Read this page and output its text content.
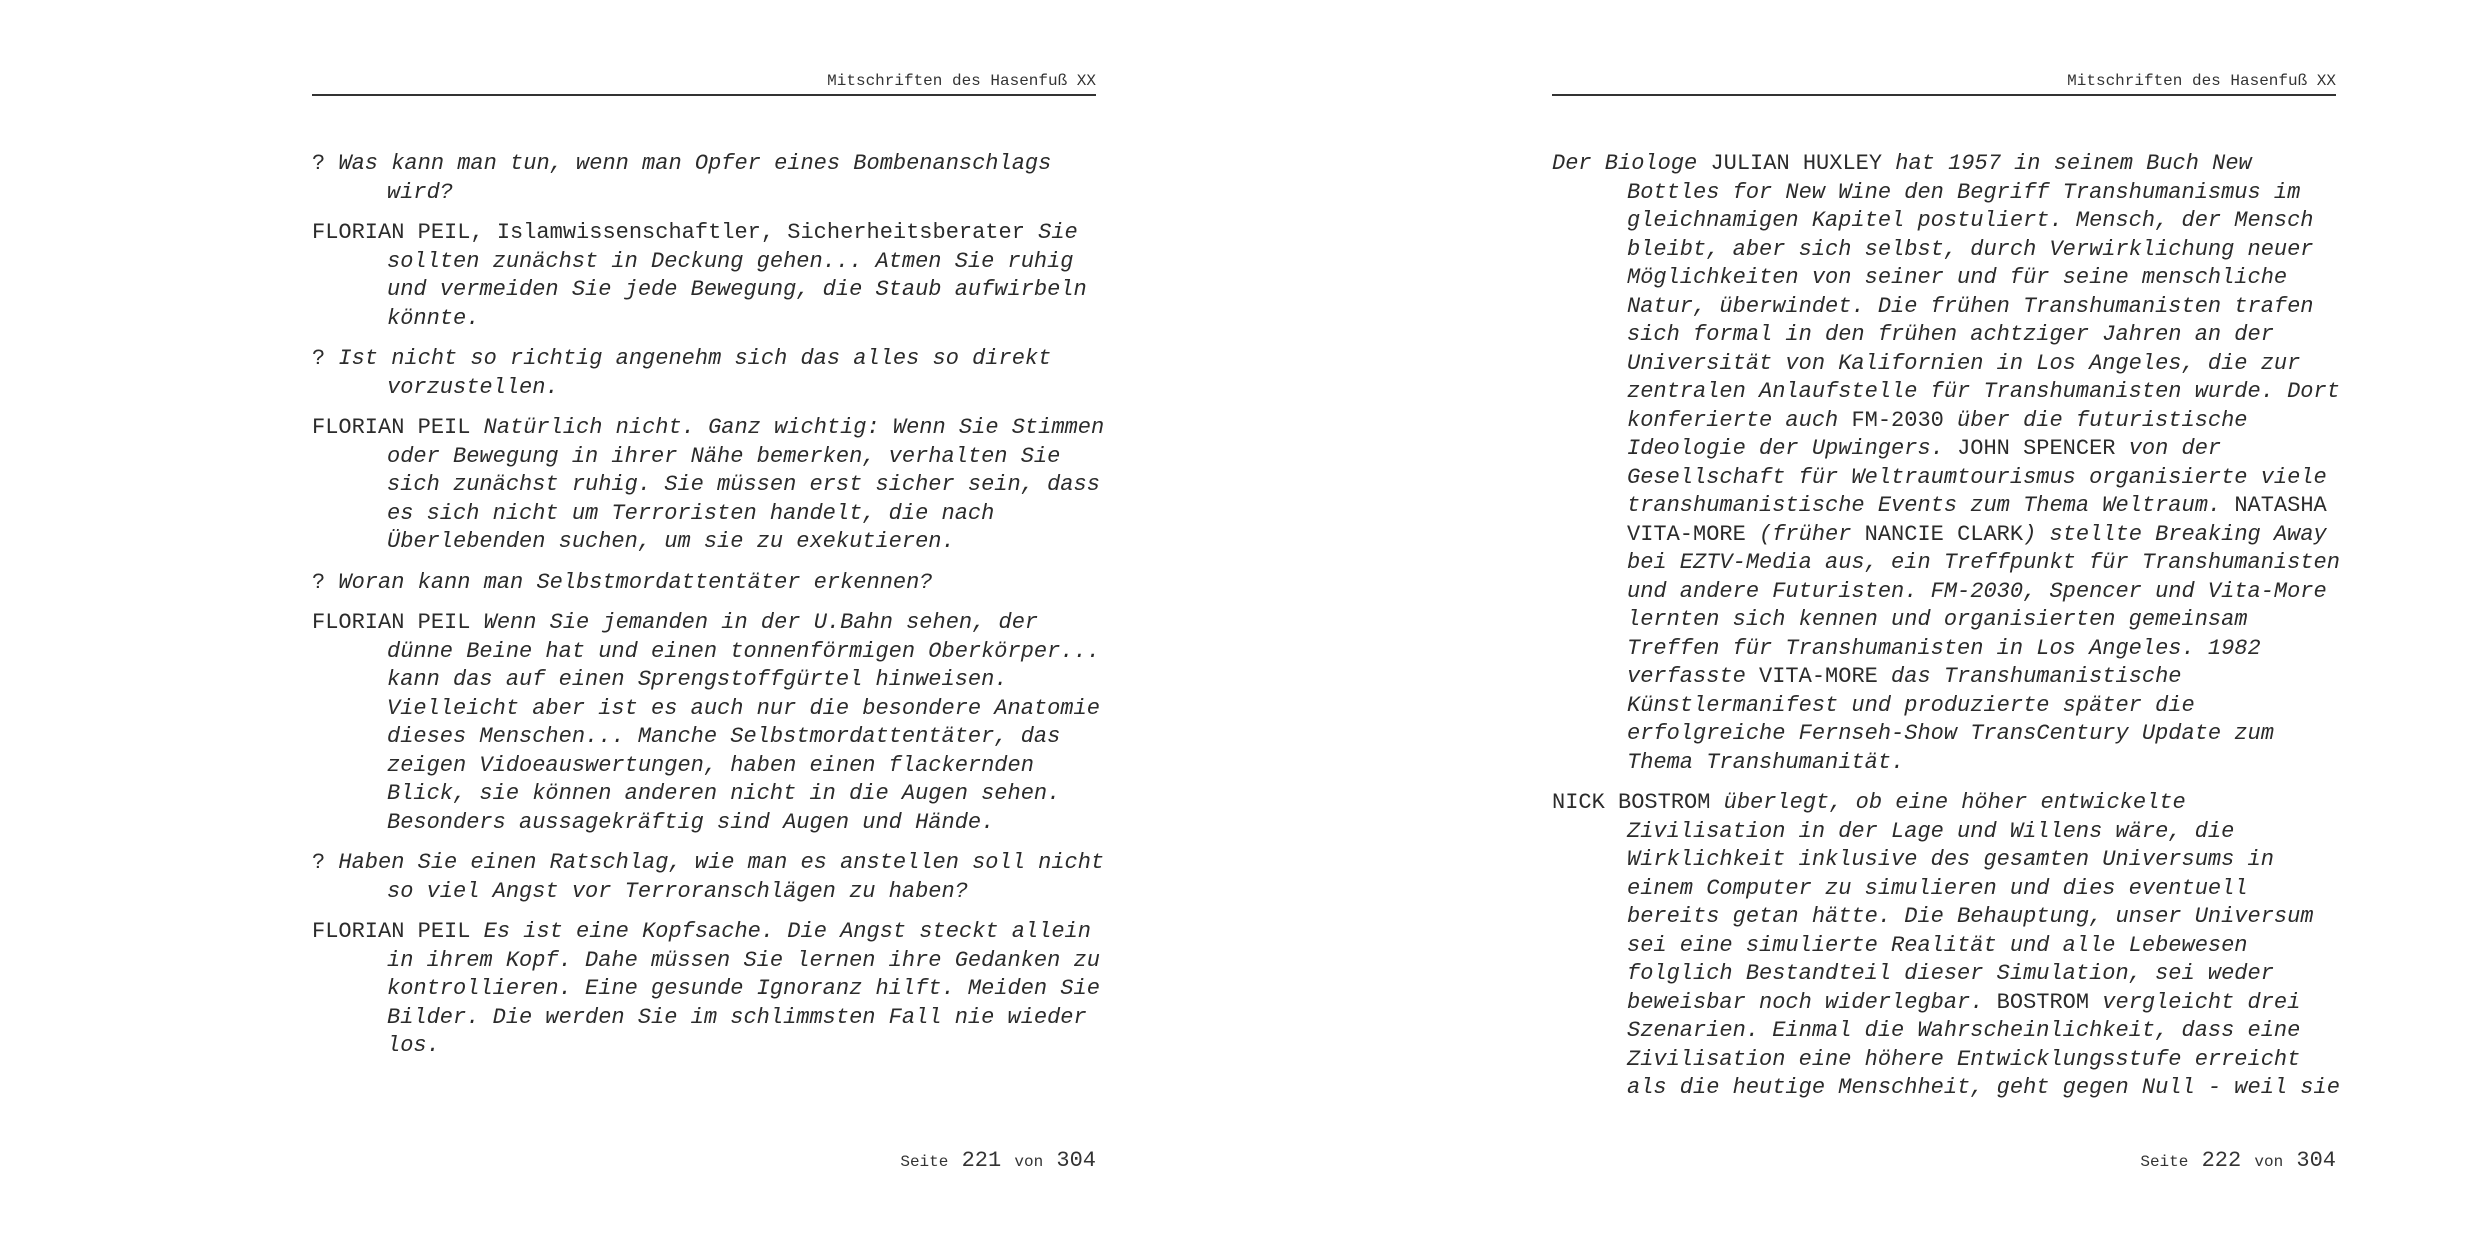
Mitschriften des Hasenfuß XX

? Was kann man tun, wenn man Opfer eines Bombenanschlags wird?

FLORIAN PEIL, Islamwissenschaftler, Sicherheitsberater Sie sollten zunächst in Deckung gehen... Atmen Sie ruhig und vermeiden Sie jede Bewegung, die Staub aufwirbeln könnte.

? Ist nicht so richtig angenehm sich das alles so direkt vorzustellen.

FLORIAN PEIL Natürlich nicht. Ganz wichtig: Wenn Sie Stimmen oder Bewegung in ihrer Nähe bemerken, verhalten Sie sich zunächst ruhig. Sie müssen erst sicher sein, dass es sich nicht um Terroristen handelt, die nach Überlebenden suchen, um sie zu exekutieren.

? Woran kann man Selbstmordattentäter erkennen?

FLORIAN PEIL Wenn Sie jemanden in der U.Bahn sehen, der dünne Beine hat und einen tonnenförmigen Oberkörper... kann das auf einen Sprengstoffgürtel hinweisen. Vielleicht aber ist es auch nur die besondere Anatomie dieses Menschen... Manche Selbstmordattentäter, das zeigen Vidoeauswertungen, haben einen flackernden Blick, sie können anderen nicht in die Augen sehen. Besonders aussagekräftig sind Augen und Hände.

? Haben Sie einen Ratschlag, wie man es anstellen soll nicht so viel Angst vor Terroranschlägen zu haben?

FLORIAN PEIL Es ist eine Kopfsache. Die Angst steckt allein in ihrem Kopf. Dahe müssen Sie lernen ihre Gedanken zu kontrollieren. Eine gesunde Ignoranz hilft. Meiden Sie Bilder. Die werden Sie im schlimmsten Fall nie wieder los.

Seite 221 von 304
Mitschriften des Hasenfuß XX

Der Biologe JULIAN HUXLEY hat 1957 in seinem Buch New Bottles for New Wine den Begriff Transhumanismus im gleichnamigen Kapitel postuliert. Mensch, der Mensch bleibt, aber sich selbst, durch Verwirklichung neuer Möglichkeiten von seiner und für seine menschliche Natur, überwindet. Die frühen Transhumanisten trafen sich formal in den frühen achtziger Jahren an der Universität von Kalifornien in Los Angeles, die zur zentralen Anlaufstelle für Transhumanisten wurde. Dort konferierte auch FM-2030 über die futuristische Ideologie der Upwingers. JOHN SPENCER von der Gesellschaft für Weltraumtourismus organisierte viele transhumanistische Events zum Thema Weltraum. NATASHA VITA-MORE (früher NANCIE CLARK) stellte Breaking Away bei EZTV-Media aus, ein Treffpunkt für Transhumanisten und andere Futuristen. FM-2030, Spencer und Vita-More lernten sich kennen und organisierten gemeinsam Treffen für Transhumanisten in Los Angeles. 1982 verfasste VITA-MORE das Transhumanistische Künstlermanifest und produzierte später die erfolgreiche Fernseh-Show TransCentury Update zum Thema Transhumanität.

NICK BOSTROM überlegt, ob eine höher entwickelte Zivilisation in der Lage und Willens wäre, die Wirklichkeit inklusive des gesamten Universums in einem Computer zu simulieren und dies eventuell bereits getan hätte. Die Behauptung, unser Universum sei eine simulierte Realität und alle Lebewesen folglich Bestandteil dieser Simulation, sei weder beweisbar noch widerlegbar. BOSTROM vergleicht drei Szenarien. Einmal die Wahrscheinlichkeit, dass eine Zivilisation eine höhere Entwicklungsstufe erreicht als die heutige Menschheit, geht gegen Null - weil sie

Seite 222 von 304
